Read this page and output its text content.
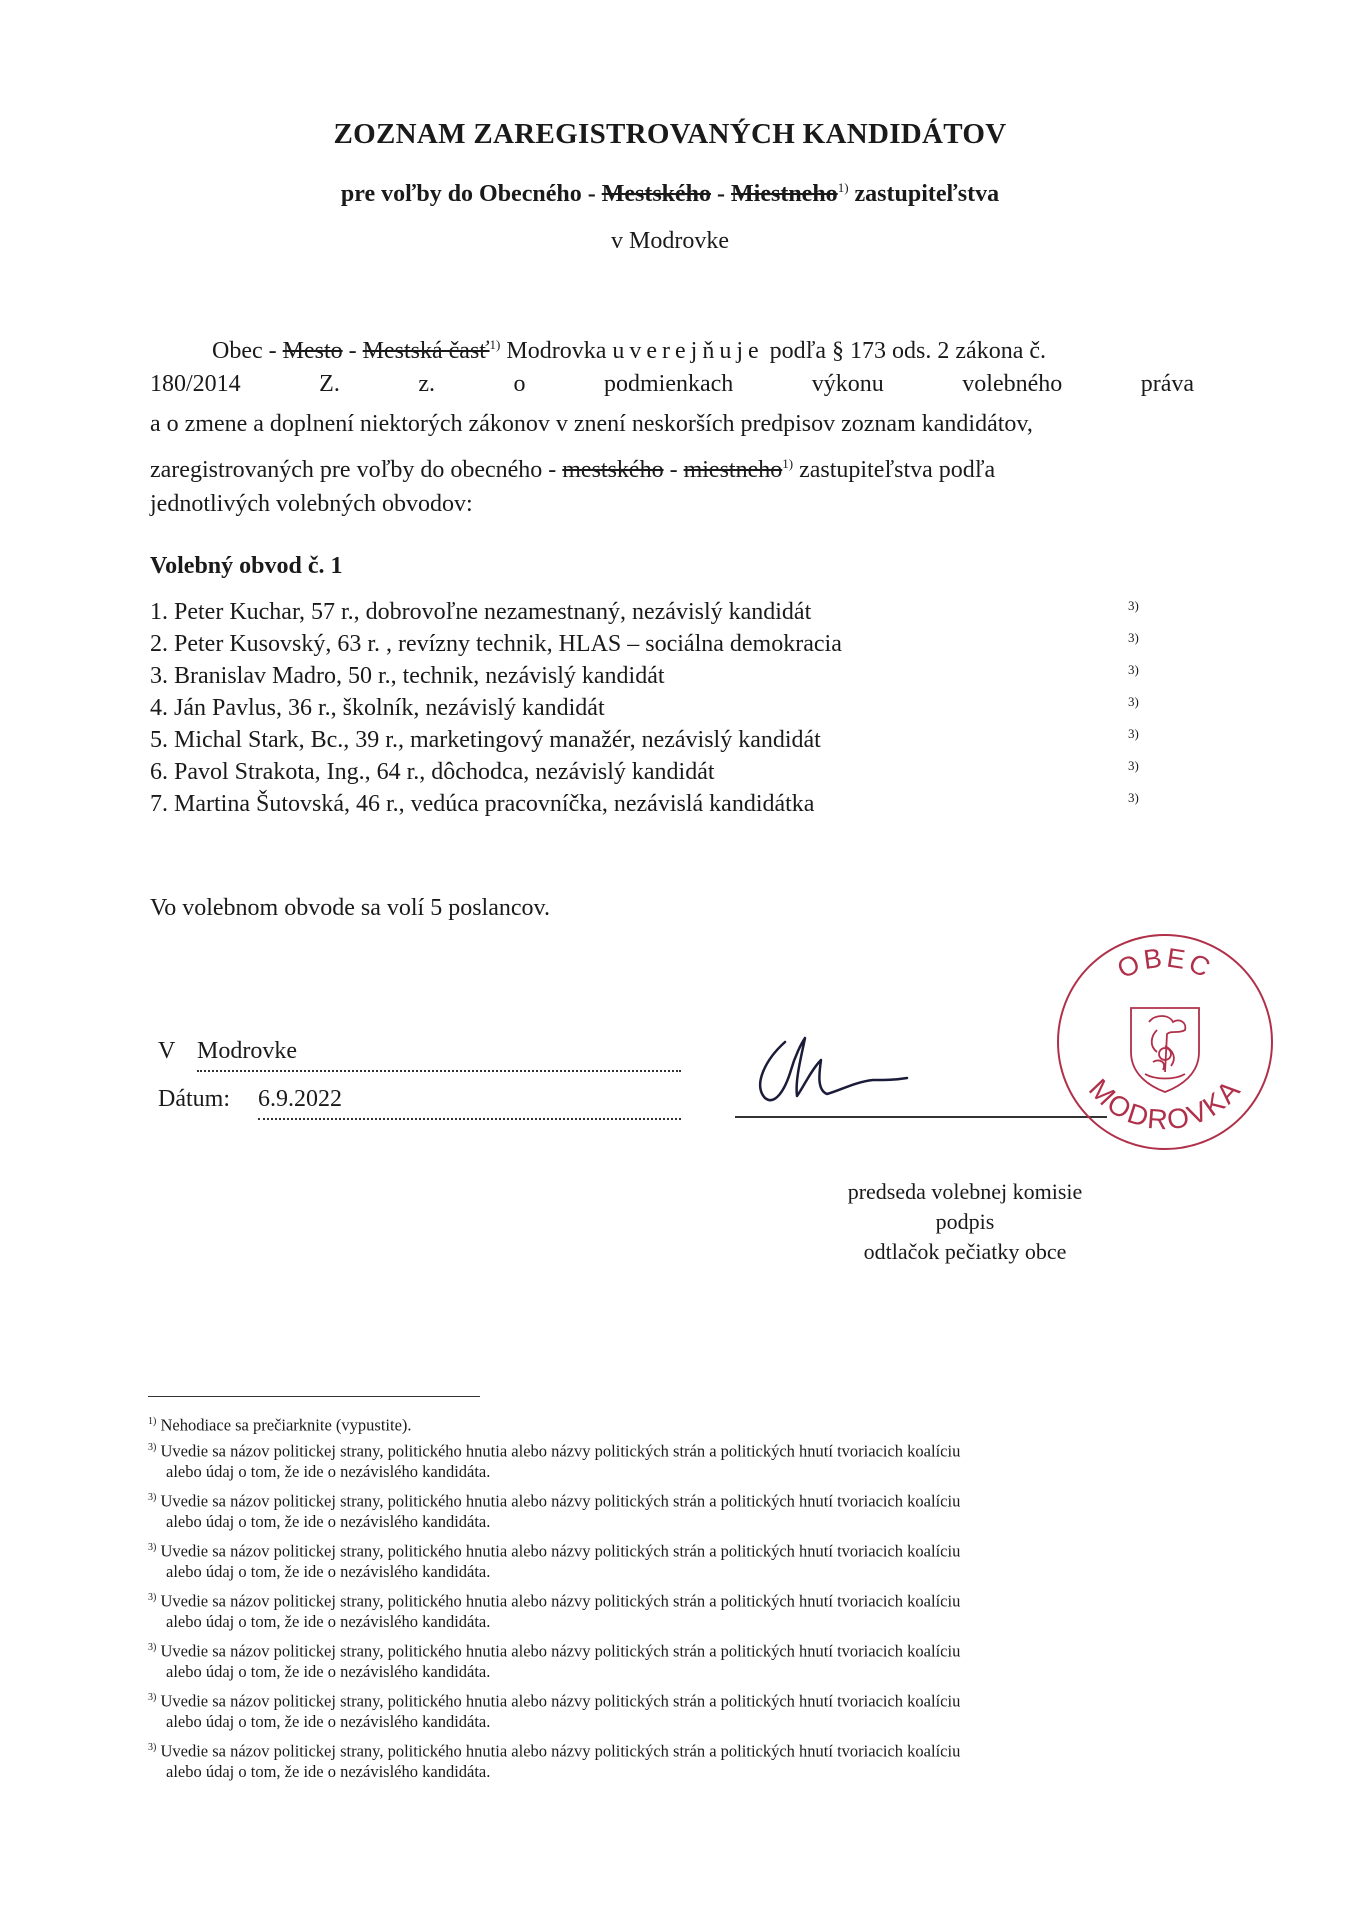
ZOZNAM ZAREGISTROVANÝCH KANDIDÁTOV
pre voľby do Obecného - Mestského - Miestneho$^{1)}$ zastupiteľstva
v Modrovke
Obec - Mesto - Mestská časť$^{1)}$ Modrovka uverejňuje podľa § 173 ods. 2 zákona č.
180/2014	Z.	z.	o	podmienkach	výkonu	volebného	práva
a o zmene a doplnení niektorých zákonov v znení neskorších predpisov zoznam kandidátov,
zaregistrovaných pre voľby do obecného - mestského - miestneho$^{1)}$ zastupiteľstva podľa
jednotlivých volebných obvodov:
Volebný obvod č. 1
1. Peter Kuchar, 57 r., dobrovoľne nezamestnaný, nezávislý kandidát	3)
2. Peter Kusovský, 63 r. , revízny technik, HLAS – sociálna demokracia	3)
3. Branislav Madro, 50 r., technik, nezávislý kandidát	3)
4. Ján Pavlus, 36 r., školník, nezávislý kandidát	3)
5. Michal Stark, Bc., 39 r., marketingový manažér, nezávislý kandidát	3)
6. Pavol Strakota, Ing., 64 r., dôchodca, nezávislý kandidát	3)
7. Martina Šutovská, 46 r., vedúca pracovníčka, nezávislá kandidátka	3)
Vo volebnom obvode sa volí 5 poslancov.
V Modrovke
Dátum: 6.9.2022
OBEC
MODROVKA
predseda volebnej komisie
podpis
odtlačok pečiatky obce
$^{1)}$ Nehodiace sa prečiarknite (vypustite).
$^{3)}$ Uvedie sa názov politickej strany, politického hnutia alebo názvy politických strán a politických hnutí tvoriacich koalíciu
alebo údaj o tom, že ide o nezávislého kandidáta.
$^{3)}$ Uvedie sa názov politickej strany, politického hnutia alebo názvy politických strán a politických hnutí tvoriacich koalíciu
alebo údaj o tom, že ide o nezávislého kandidáta.
$^{3)}$ Uvedie sa názov politickej strany, politického hnutia alebo názvy politických strán a politických hnutí tvoriacich koalíciu
alebo údaj o tom, že ide o nezávislého kandidáta.
$^{3)}$ Uvedie sa názov politickej strany, politického hnutia alebo názvy politických strán a politických hnutí tvoriacich koalíciu
alebo údaj o tom, že ide o nezávislého kandidáta.
$^{3)}$ Uvedie sa názov politickej strany, politického hnutia alebo názvy politických strán a politických hnutí tvoriacich koalíciu
alebo údaj o tom, že ide o nezávislého kandidáta.
$^{3)}$ Uvedie sa názov politickej strany, politického hnutia alebo názvy politických strán a politických hnutí tvoriacich koalíciu
alebo údaj o tom, že ide o nezávislého kandidáta.
$^{3)}$ Uvedie sa názov politickej strany, politického hnutia alebo názvy politických strán a politických hnutí tvoriacich koalíciu
alebo údaj o tom, že ide o nezávislého kandidáta.
